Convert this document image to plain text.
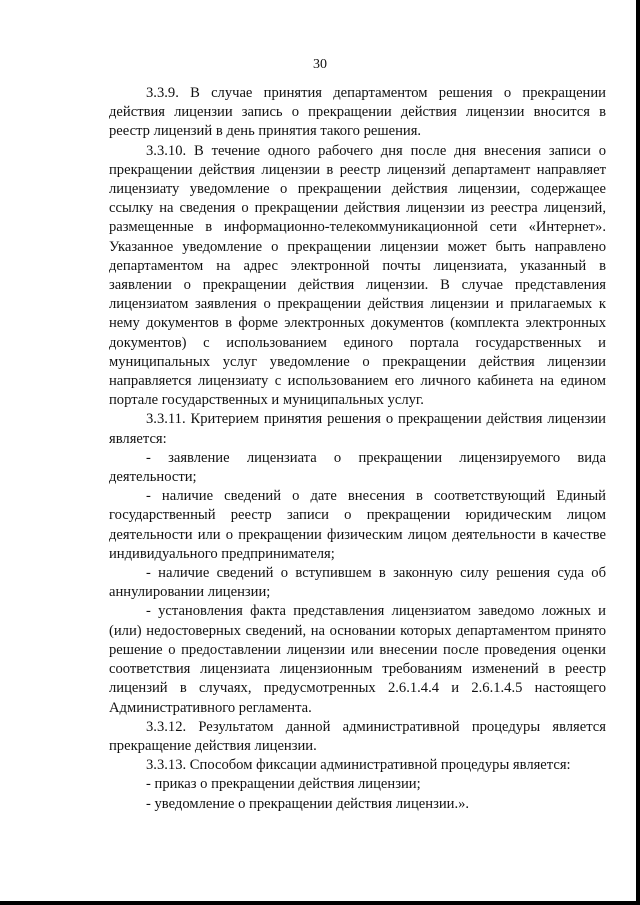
30

3.3.9. В случае принятия департаментом решения о прекращении действия лицензии запись о прекращении действия лицензии вносится в реестр лицензий в день принятия такого решения.

3.3.10. В течение одного рабочего дня после дня внесения записи о прекращении действия лицензии в реестр лицензий департамент направляет лицензиату уведомление о прекращении действия лицензии, содержащее ссылку на сведения о прекращении действия лицензии из реестра лицензий, размещенные в информационно-телекоммуникационной сети «Интернет». Указанное уведомление о прекращении лицензии может быть направлено департаментом на адрес электронной почты лицензиата, указанный в заявлении о прекращении действия лицензии. В случае представления лицензиатом заявления о прекращении действия лицензии и прилагаемых к нему документов в форме электронных документов (комплекта электронных документов) с использованием единого портала государственных и муниципальных услуг уведомление о прекращении действия лицензии направляется лицензиату с использованием его личного кабинета на едином портале государственных и муниципальных услуг.

3.3.11. Критерием принятия решения о прекращении действия лицензии является:

- заявление лицензиата о прекращении лицензируемого вида деятельности;

- наличие сведений о дате внесения в соответствующий Единый государственный реестр записи о прекращении юридическим лицом деятельности или о прекращении физическим лицом деятельности в качестве индивидуального предпринимателя;

- наличие сведений о вступившем в законную силу решения суда об аннулировании лицензии;

- установления факта представления лицензиатом заведомо ложных и (или) недостоверных сведений, на основании которых департаментом принято решение о предоставлении лицензии или внесении после проведения оценки соответствия лицензиата лицензионным требованиям изменений в реестр лицензий в случаях, предусмотренных 2.6.1.4.4 и 2.6.1.4.5 настоящего Административного регламента.

3.3.12. Результатом данной административной процедуры является прекращение действия лицензии.

3.3.13. Способом фиксации административной процедуры является:

- приказ о прекращении действия лицензии;

- уведомление о прекращении действия лицензии.».
